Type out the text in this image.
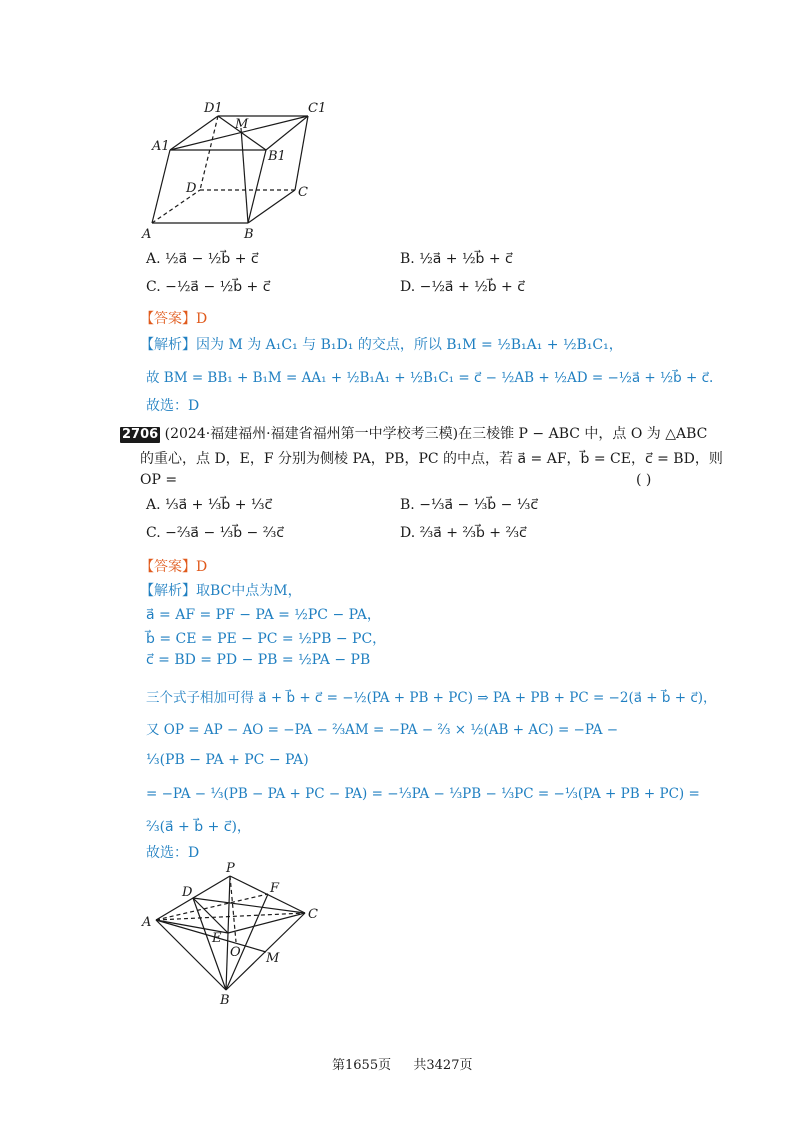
D1	C1
M
A1
B1
D	C
A	B
A. ½a⃗ − ½b⃗ + c⃗	B. ½a⃗ + ½b⃗ + c⃗
C. −½a⃗ − ½b⃗ + c⃗	D. −½a⃗ + ½b⃗ + c⃗
【答案】D
【解析】因为 M 为 A₁C₁ 与 B₁D₁ 的交点，所以 B₁M = ½B₁A₁ + ½B₁C₁，
故 BM = BB₁ + B₁M = AA₁ + ½B₁A₁ + ½B₁C₁ = c⃗ − ½AB + ½AD = −½a⃗ + ½b⃗ + c⃗.
故选：D
2706 (2024·福建福州·福建省福州第一中学校考三模)在三棱锥 P − ABC 中，点 O 为 △ABC
的重心，点 D，E，F 分别为侧棱 PA，PB，PC 的中点，若 a⃗ = AF，b⃗ = CE，c⃗ = BD，则
OP =	( )
A. ⅓a⃗ + ⅓b⃗ + ⅓c⃗	B. −⅓a⃗ − ⅓b⃗ − ⅓c⃗
C. −⅔a⃗ − ⅓b⃗ − ⅔c⃗	D. ⅔a⃗ + ⅔b⃗ + ⅔c⃗
【答案】D
【解析】取BC中点为M，
a⃗ = AF = PF − PA = ½PC − PA，
b⃗ = CE = PE − PC = ½PB − PC，
c⃗ = BD = PD − PB = ½PA − PB
三个式子相加可得 a⃗ + b⃗ + c⃗ = −½(PA + PB + PC) ⇒ PA + PB + PC = −2(a⃗ + b⃗ + c⃗)，
又 OP = AP − AO = −PA − ⅔AM = −PA − ⅔ × ½(AB + AC) = −PA −
⅓(PB − PA + PC − PA)
= −PA − ⅓(PB − PA + PC − PA) = −⅓PA − ⅓PB − ⅓PC = −⅓(PA + PB + PC) =
⅔(a⃗ + b⃗ + c⃗)，
故选：D
P
D	F
A
C
E
O M
B
第1655页 共3427页
